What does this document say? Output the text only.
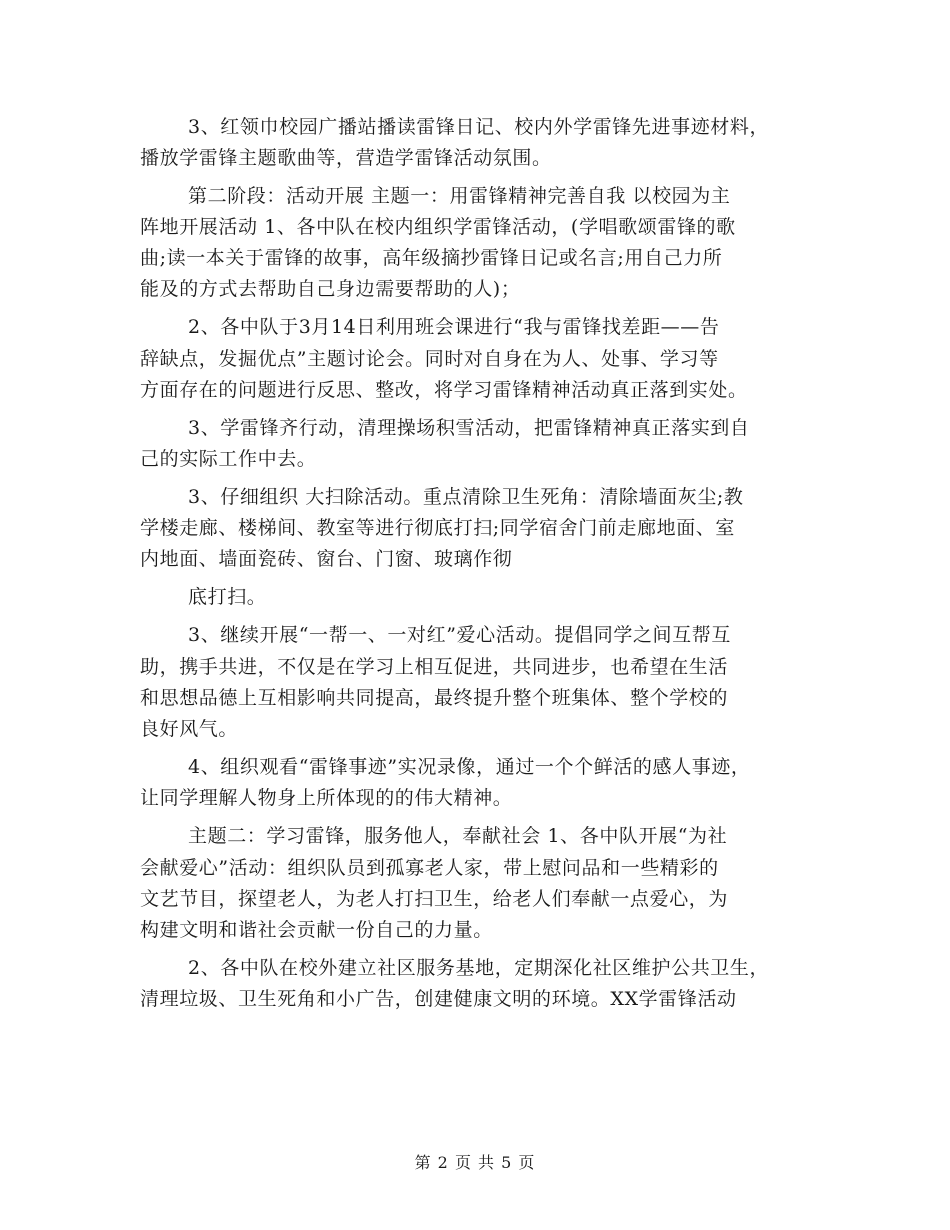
3、红领巾校园广播站播读雷锋日记、校内外学雷锋先进事迹材料，
播放学雷锋主题歌曲等，营造学雷锋活动氛围。
第二阶段：活动开展 主题一：用雷锋精神完善自我 以校园为主
阵地开展活动 1、各中队在校内组织学雷锋活动，(学唱歌颂雷锋的歌
曲;读一本关于雷锋的故事，高年级摘抄雷锋日记或名言;用自己力所
能及的方式去帮助自己身边需要帮助的人)；
2、各中队于3月14日利用班会课进行“我与雷锋找差距——告
辞缺点，发掘优点”主题讨论会。同时对自身在为人、处事、学习等
方面存在的问题进行反思、整改，将学习雷锋精神活动真正落到实处。
3、学雷锋齐行动，清理操场积雪活动，把雷锋精神真正落实到自
己的实际工作中去。
3、仔细组织 大扫除活动。重点清除卫生死角：清除墙面灰尘;教
学楼走廊、楼梯间、教室等进行彻底打扫;同学宿舍门前走廊地面、室
内地面、墙面瓷砖、窗台、门窗、玻璃作彻
底打扫。
3、继续开展“一帮一、一对红”爱心活动。提倡同学之间互帮互
助，携手共进，不仅是在学习上相互促进，共同进步，也希望在生活
和思想品德上互相影响共同提高，最终提升整个班集体、整个学校的
良好风气。
4、组织观看“雷锋事迹”实况录像，通过一个个鲜活的感人事迹，
让同学理解人物身上所体现的的伟大精神。
主题二：学习雷锋，服务他人，奉献社会 1、各中队开展“为社
会献爱心”活动：组织队员到孤寡老人家，带上慰问品和一些精彩的
文艺节目，探望老人，为老人打扫卫生，给老人们奉献一点爱心，为
构建文明和谐社会贡献一份自己的力量。
2、各中队在校外建立社区服务基地，定期深化社区维护公共卫生，
清理垃圾、卫生死角和小广告，创建健康文明的环境。XX学雷锋活动
第 2 页 共 5 页
